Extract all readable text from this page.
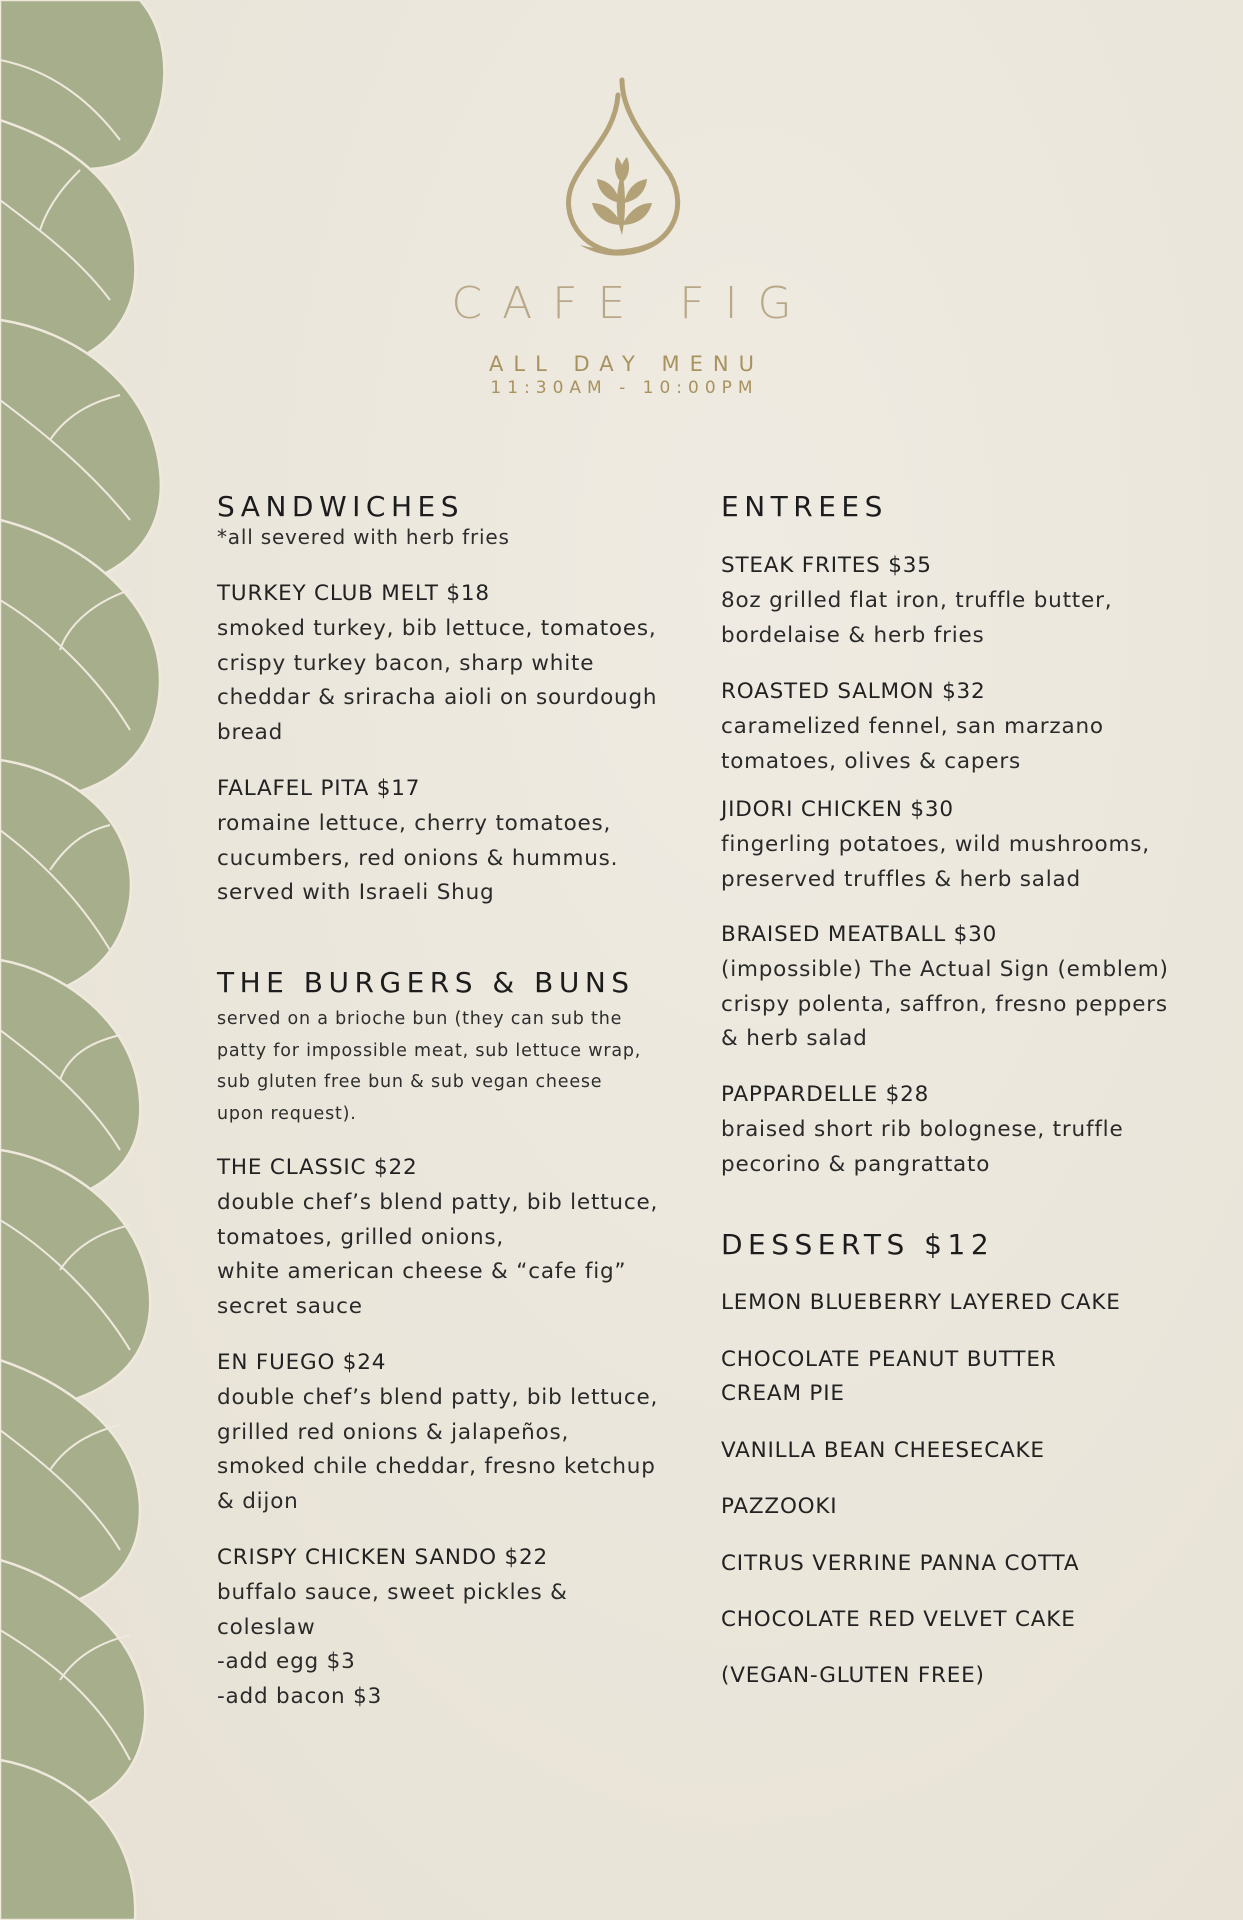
CAFE FIG
ALL DAY MENU
11:30AM - 10:00PM
SANDWICHES
*all severed with herb fries
TURKEY CLUB MELT $18
smoked turkey, bib lettuce, tomatoes,
crispy turkey bacon, sharp white
cheddar & sriracha aioli on sourdough
bread
FALAFEL PITA $17
romaine lettuce, cherry tomatoes,
cucumbers, red onions & hummus.
served with Israeli Shug
THE BURGERS & BUNS
served on a brioche bun (they can sub the
patty for impossible meat, sub lettuce wrap,
sub gluten free bun & sub vegan cheese
upon request).
THE CLASSIC $22
double chef’s blend patty, bib lettuce,
tomatoes, grilled onions,
white american cheese & “cafe fig”
secret sauce
EN FUEGO $24
double chef’s blend patty, bib lettuce,
grilled red onions & jalapeños,
smoked chile cheddar, fresno ketchup
& dijon
CRISPY CHICKEN SANDO $22
buffalo sauce, sweet pickles &
coleslaw
-add egg $3
-add bacon $3
ENTREES
STEAK FRITES $35
8oz grilled flat iron, truffle butter,
bordelaise & herb fries
ROASTED SALMON $32
caramelized fennel, san marzano
tomatoes, olives & capers
JIDORI CHICKEN $30
fingerling potatoes, wild mushrooms,
preserved truffles & herb salad
BRAISED MEATBALL $30
(impossible) The Actual Sign (emblem)
crispy polenta, saffron, fresno peppers
& herb salad
PAPPARDELLE $28
braised short rib bolognese, truffle
pecorino & pangrattato
DESSERTS $12
LEMON BLUEBERRY LAYERED CAKE
CHOCOLATE PEANUT BUTTER
CREAM PIE
VANILLA BEAN CHEESECAKE
PAZZOOKI
CITRUS VERRINE PANNA COTTA
CHOCOLATE RED VELVET CAKE
(VEGAN-GLUTEN FREE)
